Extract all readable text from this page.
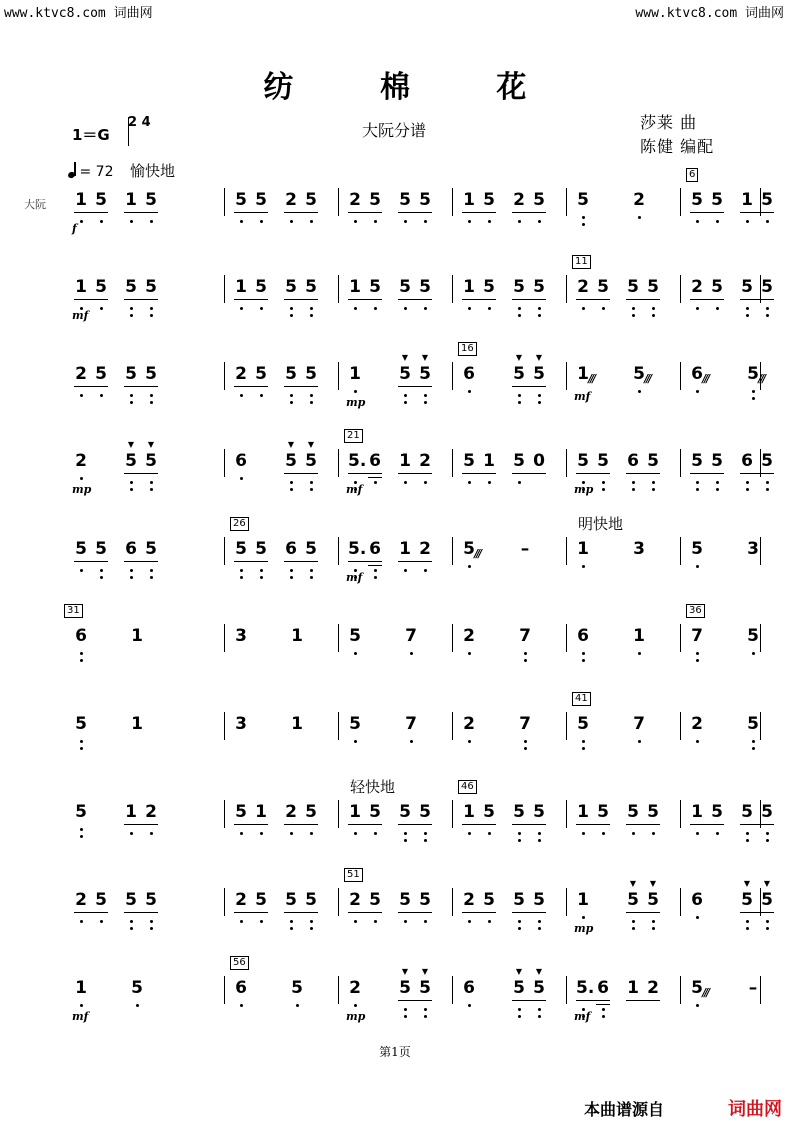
www.ktvc8.com 词曲网	www.ktvc8.com 词曲网
纺 棉 花
大阮分谱	莎莱 曲
陈健 编配
1＝G
2 4
= 72 愉快地
大阮 1 5 1 5
f
5 5 2 5 2 5 5 5 1 5 2 5 5	2
6
5 5 1 5
1 5 5 5
mf
1 5 5 5 1 5 5 5 1 5 5 5
11
2 5 5 5 2 5 5 5
2 5 5 5	2 5 5 5 1 5
▼
5
▼
mp
16
6 5
▼
5
▼
1 /// 5 ///
mf
6 /// 5 ///
2 5
▼
5
▼
mp
6 5
▼
5
▼
21
5. 6 1 2
mf
5 1 5 0 5 5 6 5
mp
5 5 6 5
5 5 6 5
26
5 5 6 5 5. 6 1 2
mf
5 /// –
明快地
1	3	5	3
31
6	1	3	1	5	7	2	7	6	1
36
7	5
5	1	3	1	5	7	2	7
41
5	7	2	5
5 1 2	5 1 2 5
轻快地
1 5 5 5
46
1 5 5 5 1 5 5 5 1 5 5 5
2 5 5 5	2 5 5 5
51
2 5 5 5 2 5 5 5 1 5
▼
5
▼
mp
6 5
▼
5
▼
1	5
mf
56
6	5	2 5
▼
5
▼
mp
6 5
▼
5
▼
5. 6 1 2
mf
5 /// –
第1页
本曲谱源自	词曲网
